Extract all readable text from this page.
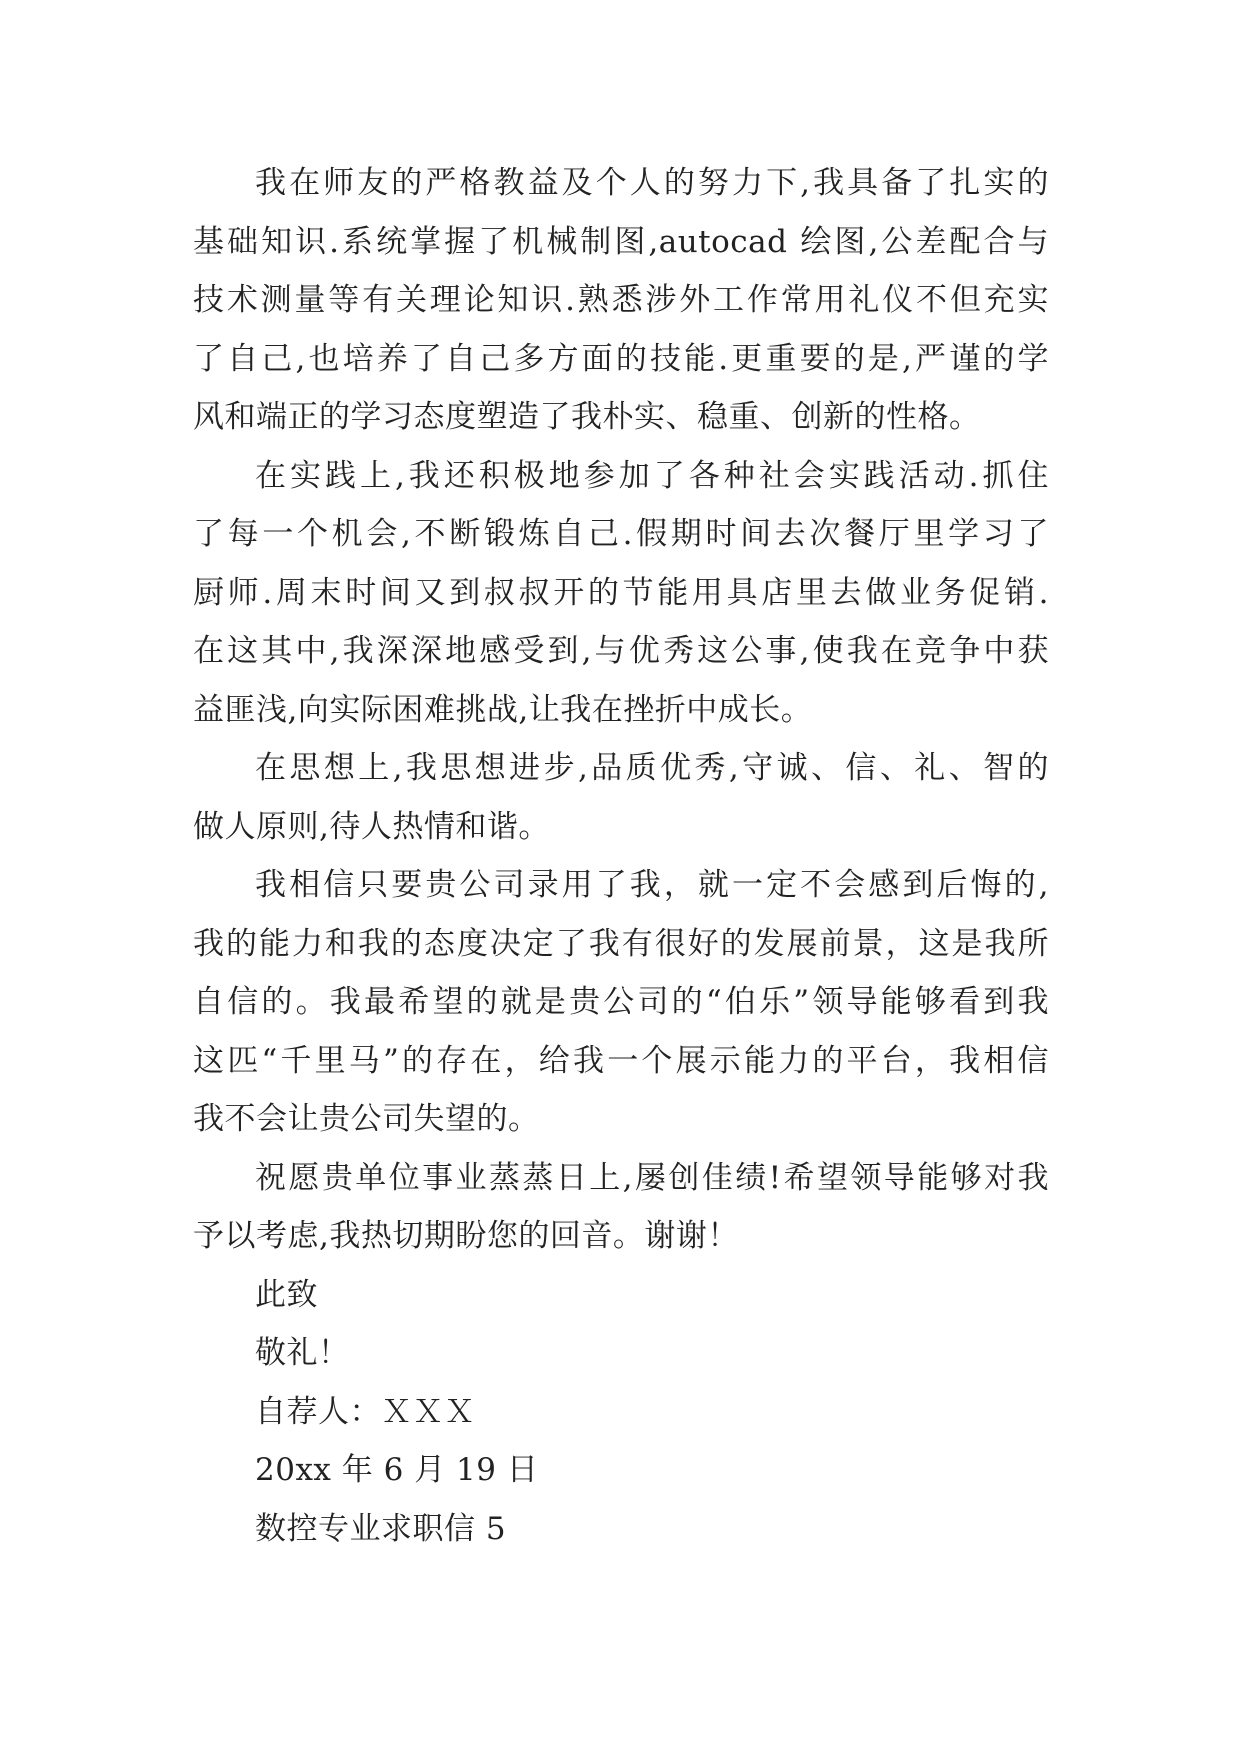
我在师友的严格教益及个人的努力下,我具备了扎实的
基础知识.系统掌握了机械制图,autocad 绘图,公差配合与
技术测量等有关理论知识.熟悉涉外工作常用礼仪不但充实
了自己,也培养了自己多方面的技能.更重要的是,严谨的学
风和端正的学习态度塑造了我朴实、稳重、创新的性格。

在实践上,我还积极地参加了各种社会实践活动.抓住
了每一个机会,不断锻炼自己.假期时间去次餐厅里学习了
厨师.周末时间又到叔叔开的节能用具店里去做业务促销.
在这其中,我深深地感受到,与优秀这公事,使我在竞争中获
益匪浅,向实际困难挑战,让我在挫折中成长。

在思想上,我思想进步,品质优秀,守诚、信、礼、智的
做人原则,待人热情和谐。

我相信只要贵公司录用了我，就一定不会感到后悔的,
我的能力和我的态度决定了我有很好的发展前景，这是我所
自信的。我最希望的就是贵公司的“伯乐”领导能够看到我
这匹“千里马”的存在，给我一个展示能力的平台，我相信
我不会让贵公司失望的。

祝愿贵单位事业蒸蒸日上,屡创佳绩!希望领导能够对我
予以考虑,我热切期盼您的回音。谢谢！

此致

敬礼！

自荐人：ＸＸＸ

20xx 年 6 月 19 日

数控专业求职信 5
